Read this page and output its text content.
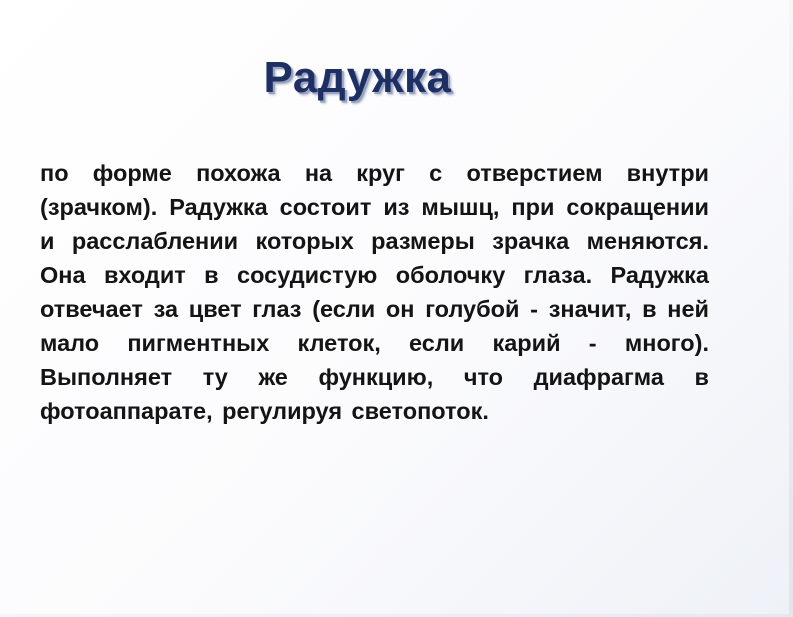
Радужка

по форме похожа на круг с отверстием внутри (зрачком). Радужка состоит из мышц, при сокращении и расслаблении которых размеры зрачка меняются. Она входит в сосудистую оболочку глаза. Радужка отвечает за цвет глаз (если он голубой - значит, в ней мало пигментных клеток, если карий - много). Выполняет ту же функцию, что диафрагма в фотоаппарате, регулируя светопоток.
